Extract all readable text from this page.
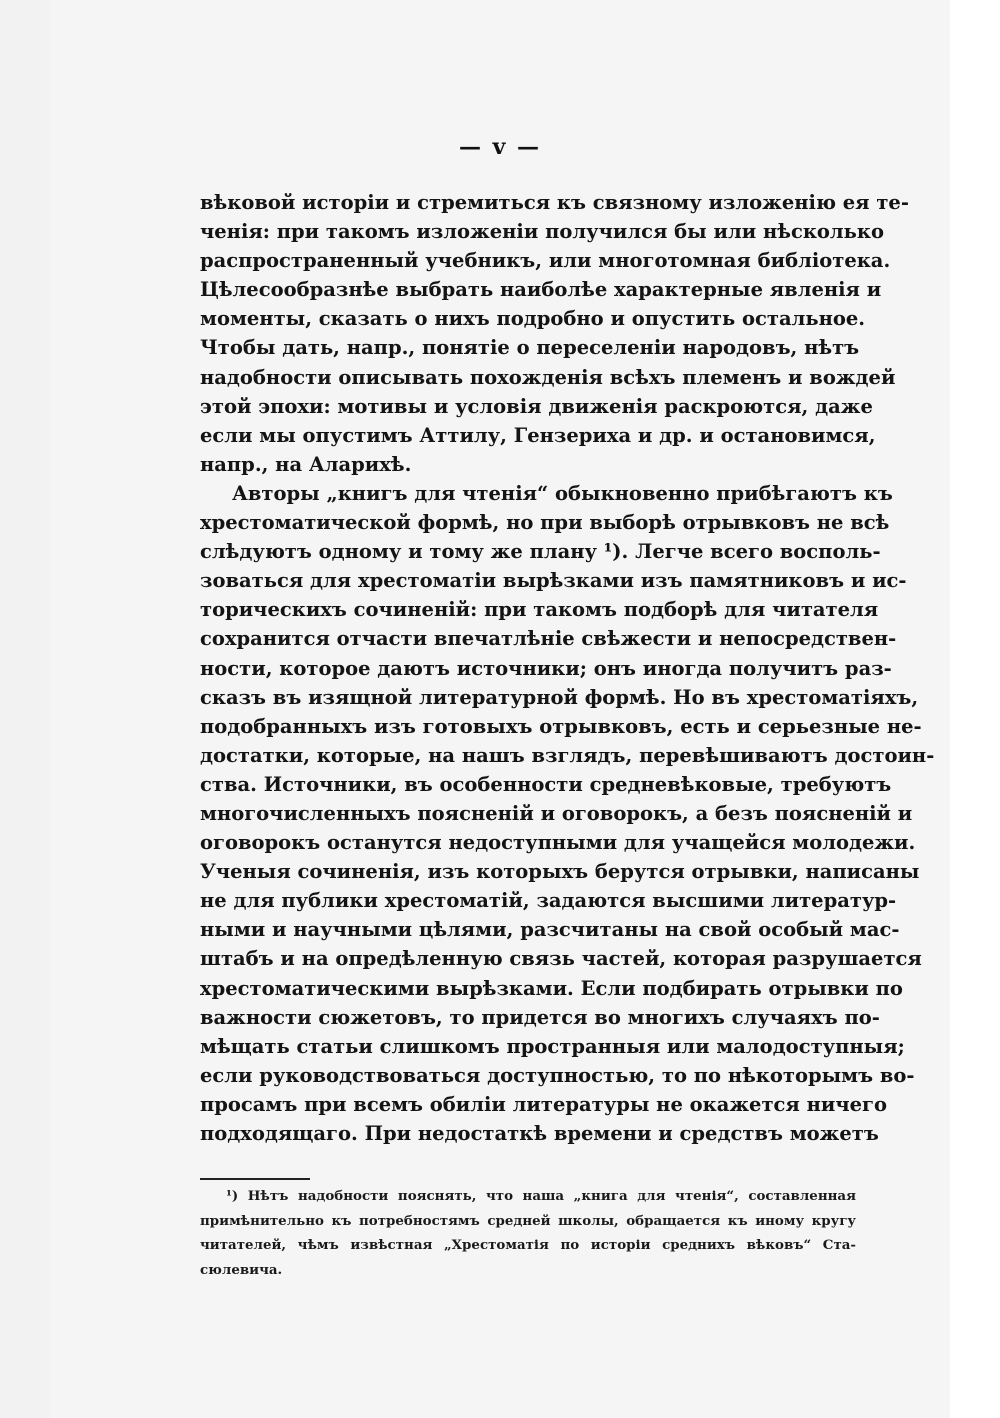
— v —
вѣковой исторіи и стремиться къ связному изложенію ея те-
ченія: при такомъ изложеніи получился бы или нѣсколько
распространенный учебникъ, или многотомная библіотека.
Цѣлесообразнѣе выбрать наиболѣе характерные явленія и
моменты, сказать о нихъ подробно и опустить остальное.
Чтобы дать, напр., понятіе о переселеніи народовъ, нѣтъ
надобности описывать похожденія всѣхъ племенъ и вождей
этой эпохи: мотивы и условія движенія раскроются, даже
если мы опустимъ Аттилу, Гензериха и др. и остановимся,
напр., на Аларихѣ.
Авторы „книгъ для чтенія“ обыкновенно прибѣгаютъ къ
хрестоматической формѣ, но при выборѣ отрывковъ не всѣ
слѣдуютъ одному и тому же плану ¹). Легче всего восполь-
зоваться для хрестоматіи вырѣзками изъ памятниковъ и ис-
торическихъ сочиненій: при такомъ подборѣ для читателя
сохранится отчасти впечатлѣніе свѣжести и непосредствен-
ности, которое даютъ источники; онъ иногда получитъ раз-
сказъ въ изящной литературной формѣ. Но въ хрестоматіяхъ,
подобранныхъ изъ готовыхъ отрывковъ, есть и серьезные не-
достатки, которые, на нашъ взглядъ, перевѣшиваютъ достоин-
ства. Источники, въ особенности средневѣковые, требуютъ
многочисленныхъ поясненій и оговорокъ, а безъ поясненій и
оговорокъ останутся недоступными для учащейся молодежи.
Ученыя сочиненія, изъ которыхъ берутся отрывки, написаны
не для публики хрестоматій, задаются высшими литератур-
ными и научными цѣлями, разсчитаны на свой особый мас-
штабъ и на опредѣленную связь частей, которая разрушается
хрестоматическими вырѣзками. Если подбирать отрывки по
важности сюжетовъ, то придется во многихъ случаяхъ по-
мѣщать статьи слишкомъ пространныя или малодоступныя;
если руководствоваться доступностью, то по нѣкоторымъ во-
просамъ при всемъ обиліи литературы не окажется ничего
подходящаго. При недостаткѣ времени и средствъ можетъ
¹) Нѣтъ надобности пояснять, что наша „книга для чтенія“, составленная
примѣнительно къ потребностямъ средней школы, обращается къ иному кругу
читателей, чѣмъ извѣстная „Хрестоматія по исторіи среднихъ вѣковъ“ Ста-
сюлевича.
